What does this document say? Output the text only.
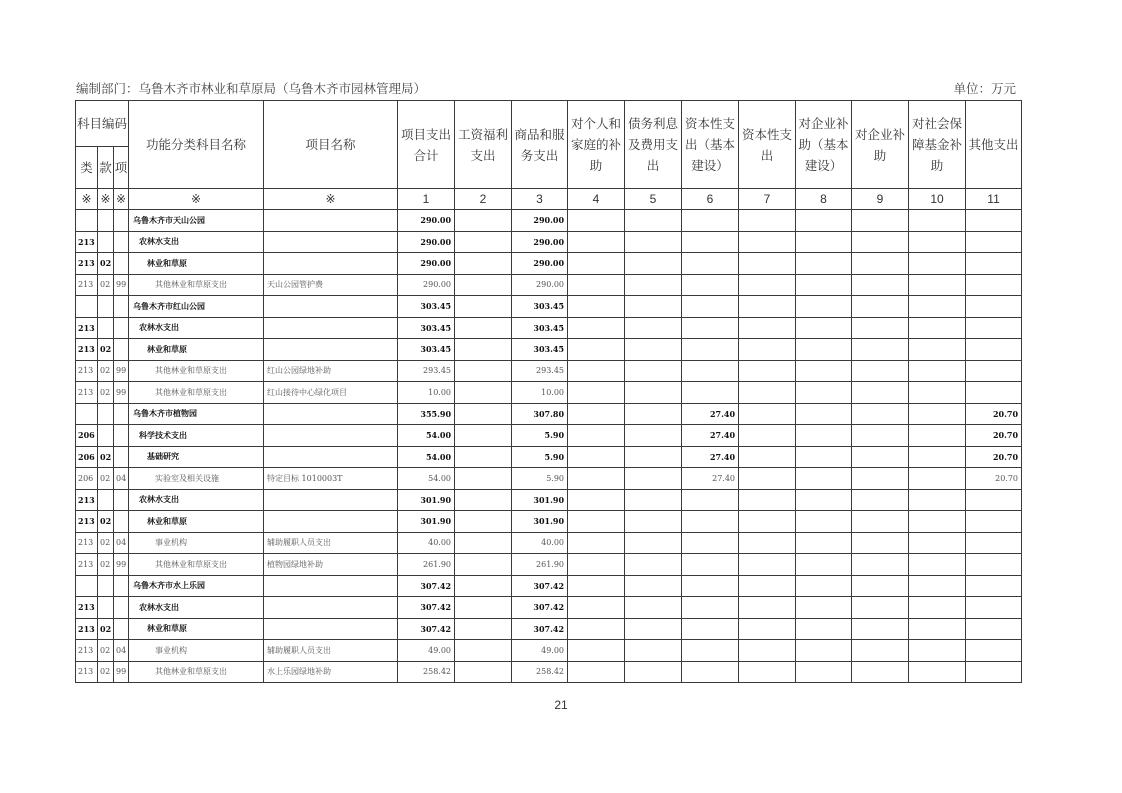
编制部门：乌鲁木齐市林业和草原局（乌鲁木齐市园林管理局）	单位：万元
科目编码			功能分类科目名称	项目名称	项目支出合计	工资福利支出	商品和服务支出	对个人和家庭的补助	债务利息及费用支出	资本性支出（基本建设）	资本性支出	对企业补助（基本建设）	对企业补助	对社会保障基金补助	其他支出
类	款	项													
※	※	※	※	※	1	2	3	4	5	6	7	8	9	10	11
			乌鲁木齐市天山公园		290.00		290.00								
213			农林水支出		290.00		290.00								
213	02		林业和草原		290.00		290.00								
213	02	99	其他林业和草原支出	天山公园管护费	290.00		290.00								
			乌鲁木齐市红山公园		303.45		303.45								
213			农林水支出		303.45		303.45								
213	02		林业和草原		303.45		303.45								
213	02	99	其他林业和草原支出	红山公园绿地补助	293.45		293.45								
213	02	99	其他林业和草原支出	红山接待中心绿化项目	10.00		10.00								
			乌鲁木齐市植物园		355.90		307.80			27.40					20.70
206			科学技术支出		54.00		5.90			27.40					20.70
206	02		基础研究		54.00		5.90			27.40					20.70
206	02	04	实验室及相关设施	特定目标 1010003T	54.00		5.90			27.40					20.70
213			农林水支出		301.90		301.90								
213	02		林业和草原		301.90		301.90								
213	02	04	事业机构	辅助履职人员支出	40.00		40.00								
213	02	99	其他林业和草原支出	植物园绿地补助	261.90		261.90								
			乌鲁木齐市水上乐园		307.42		307.42								
213			农林水支出		307.42		307.42								
213	02		林业和草原		307.42		307.42								
213	02	04	事业机构	辅助履职人员支出	49.00		49.00								
213	02	99	其他林业和草原支出	水上乐园绿地补助	258.42		258.42								
21
